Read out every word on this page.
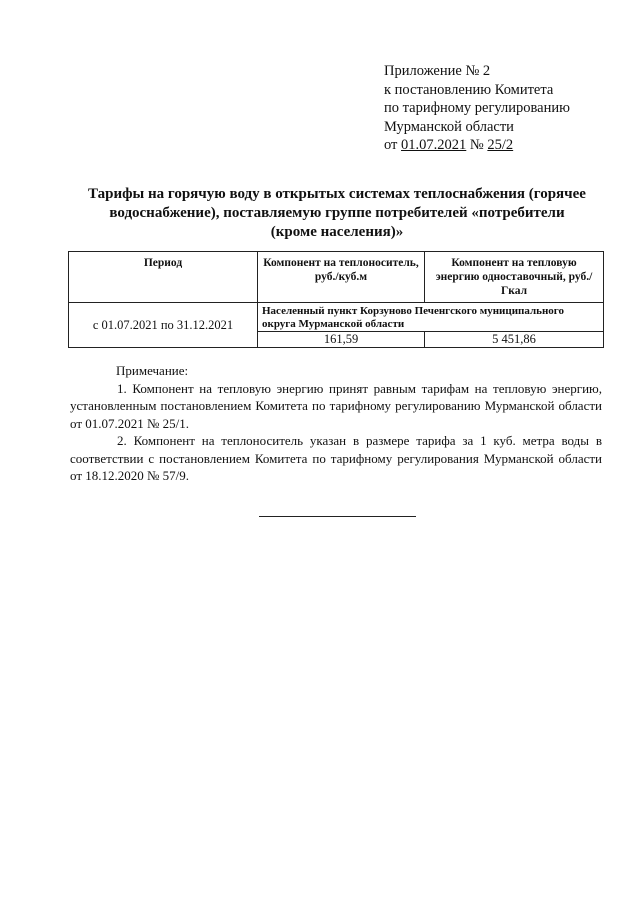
Приложение № 2
к постановлению Комитета
по тарифному регулированию
Мурманской области
от 01.07.2021 № 25/2
Тарифы на горячую воду в открытых системах теплоснабжения (горячее
водоснабжение), поставляемую группе потребителей «потребители
(кроме населения)»
Период	Компонент на теплоноситель, руб./куб.м	Компонент на тепловую энергию одноставочный, руб./Гкал
с 01.07.2021 по 31.12.2021	Населенный пункт Корзуново Печенгского муниципального округа Мурманской области	
	161,59	5 451,86

Примечание:

1. Компонент на тепловую энергию принят равным тарифам на тепловую энергию, установленным постановлением Комитета по тарифному регулированию Мурманской области от 01.07.2021 № 25/1.

2. Компонент на теплоноситель указан в размере тарифа за 1 куб. метра воды в соответствии с постановлением Комитета по тарифному регулирования Мурманской области от 18.12.2020 № 57/9.
